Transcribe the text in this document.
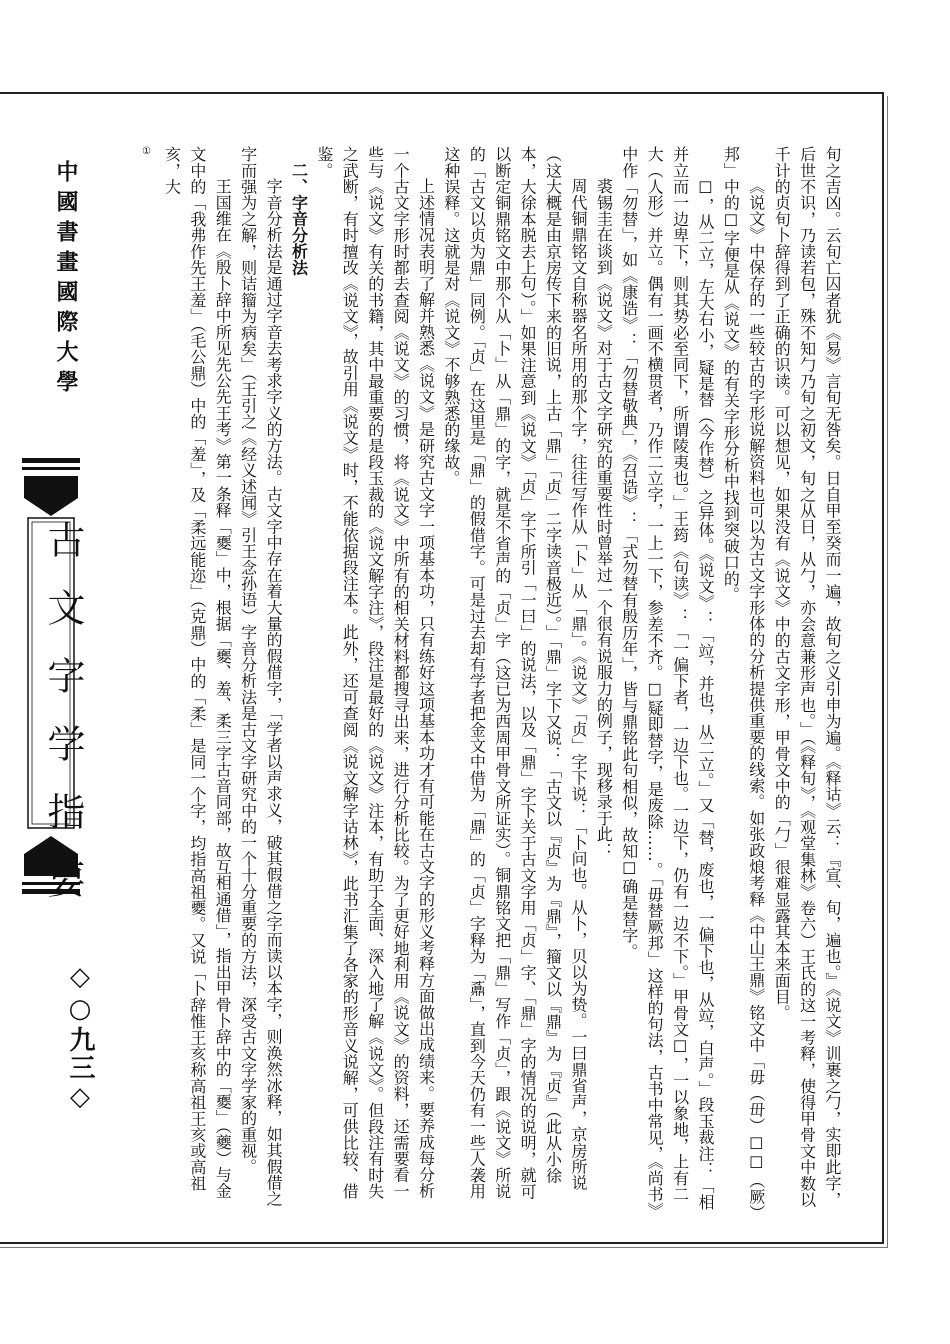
中國書畫國際大學
古文字学指要
◇○九三◇	旬之吉凶。云旬亡囚者犹《易》言旬无咎矣。日自甲至癸而一遍，故旬之义引申为遍。《释诂》云：『宣、旬，遍也。』《说文》训裹之勹，实即此字，后世不识，乃读若包，殊不知勹乃旬之初文，旬之从日，从勹，亦会意兼形声也。」（《释旬》，《观堂集林》卷六）王氏的这一考释，使得甲骨文中数以千计的贞旬卜辞得到了正确的识读。可以想见，如果没有《说文》中的古文字形，甲骨文中的「勹」很难显露其本来面目。

《说文》中保存的一些较古的字形说解资料也可以为古文字形体的分析提供重要的线索。如张政烺考释《中山王鼎》铭文中「毋（毌）☐☐（厥）邦」中的☐字便是从《说文》的有关字形分析中找到突破口的。

☐，从二立，左大右小，疑是替（今作替）之异体。《说文》：「竝，并也，从二立。」又「替，废也，一偏下也，从竝，白声。」段玉裁注：「相并立而一边卑下，则其势必至同下，所谓陵夷也。」王筠《句读》：「一偏下者，一边下也。一边下，仍有一边不下。」甲骨文☐，一以象地，上有二大（人形）并立。偶有一画不横贯者，乃作二立字，一上一下，参差不齐。☐疑即替字，是废除……。「毋替厥邦」这样的句法，古书中常见，《尚书》中作「勿替」，如《康诰》：「勿替敬典」，《召诰》：「式勿替有殷历年」，皆与鼎铭此句相似，故知☐确是替字。

裘锡圭在谈到《说文》对于古文字研究的重要性时曾举过一个很有说服力的例子，现移录于此：

周代铜鼎铭文自称器名所用的那个字，往往写作从「卜」从「鼎」。《说文》「贞」字下说：「卜问也。从卜，贝以为贽。一曰鼎省声，京房所说（这大概是由京房传下来的旧说，上古「鼎」「贞」二字读音极近）。」「鼎」字下又说：「古文以『贞』为『鼎』，籀文以『鼎』为『贞』（此从小徐本，大徐本脱去上句）。」如果注意到《说文》「贞」字下所引「一曰」的说法，以及「鼎」字下关于古文字用「贞」字、「鼎」字的情况的说明，就可以断定铜鼎铭文中那个从「卜」从「鼎」的字，就是不省声的「贞」字（这已为西周甲骨文所证实）。铜鼎铭文把「鼎」写作「贞」，跟《说文》所说的「古文以贞为鼎」同例。「贞」在这里是「鼎」的假借字。可是过去却有学者把金文中借为「鼎」的「贞」字释为「鼒」，直到今天仍有一些人袭用这种误释。这就是对《说文》不够熟悉的缘故。

上述情况表明了解并熟悉《说文》是研究古文字一项基本功，只有练好这项基本功才有可能在古文字的形义考释方面做出成绩来。要养成每分析一个古文字形时都去查阅《说文》的习惯，将《说文》中所有的相关材料都搜寻出来，进行分析比较。为了更好地利用《说文》的资料，还需要看一些与《说文》有关的书籍，其中最重要的是段玉裁的《说文解字注》，段注是最好的《说文》注本，有助于全面、深入地了解《说文》。但段注有时失之武断，有时擅改《说文》，故引用《说文》时，不能依据段注本。此外，还可查阅《说文解字诂林》，此书汇集了各家的形音义说解，可供比较、借鉴。

二、字音分析法

字音分析法是通过字音去考求字义的方法。古文字中存在着大量的假借字，「学者以声求义，破其假借之字而读以本字，则涣然冰释，如其假借之字而强为之解，则诘籀为病矣」（王引之《经义述闻》引王念孙语）字音分析法是古文字研究中的一个十分重要的方法，深受古文字学家的重视。

王国维在《殷卜辞中所见先公先王考》第一条释「夒」中，根据「夒、羞、柔三字古音同部，故互相通借」，指出甲骨卜辞中的「夒」（夔）与金文中的「我弗作先王羞」（毛公鼎）中的「羞」，及「柔远能迩」（克鼎）中的「柔」是同一个字，均指高祖夒。又说「卜辞惟王亥称高祖王亥或高祖亥，大

①
